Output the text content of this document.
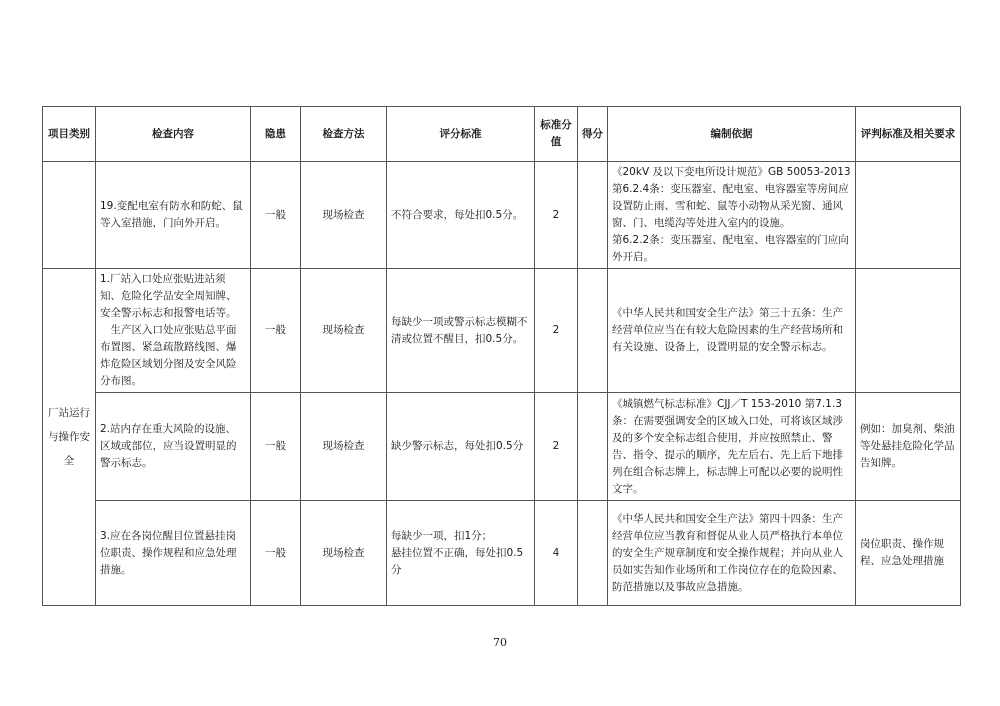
项目类别	检查内容	隐患	检查方法	评分标准	标准分值	得分	编制依据	评判标准及相关要求
	19.变配电室有防水和防蛇、鼠等入室措施，门向外开启。	一般	现场检查	不符合要求，每处扣0.5分。	2		《20kV 及以下变电所设计规范》GB 50053-2013 第6.2.4条：变压器室、配电室、电容器室等房间应设置防止雨、雪和蛇、鼠等小动物从采光窗、通风窗、门、电缆沟等处进入室内的设施。
第6.2.2条：变压器室、配电室、电容器室的门应向外开启。	

厂站运行与操作安全	1.厂站入口处应张贴进站须知、危险化学品安全周知牌、安全警示标志和报警电话等。
生产区入口处应张贴总平面布置图、紧急疏散路线图、爆炸危险区域划分图及安全风险分布图。	一般	现场检查	每缺少一项或警示标志模糊不清或位置不醒目，扣0.5分。	2		《中华人民共和国安全生产法》第三十五条：生产经营单位应当在有较大危险因素的生产经营场所和有关设施、设备上，设置明显的安全警示标志。	
	2.站内存在重大风险的设施、区域或部位，应当设置明显的警示标志。	一般	现场检查	缺少警示标志，每处扣0.5分	2		《城镇燃气标志标准》CJJ／T 153-2010 第7.1.3条：在需要强调安全的区域入口处，可将该区域涉及的多个安全标志组合使用，并应按照禁止、警告、指令、提示的顺序，先左后右、先上后下地排列在组合标志牌上，标志牌上可配以必要的说明性文字。	例如：加臭剂、柴油等处悬挂危险化学品告知牌。
	3.应在各岗位醒目位置悬挂岗位职责、操作规程和应急处理措施。	一般	现场检查	每缺少一项，扣1分；
悬挂位置不正确，每处扣0.5分	4		《中华人民共和国安全生产法》第四十四条：生产经营单位应当教育和督促从业人员严格执行本单位的安全生产规章制度和安全操作规程；并向从业人员如实告知作业场所和工作岗位存在的危险因素、防范措施以及事故应急措施。	岗位职责、操作规程、应急处理措施
70
